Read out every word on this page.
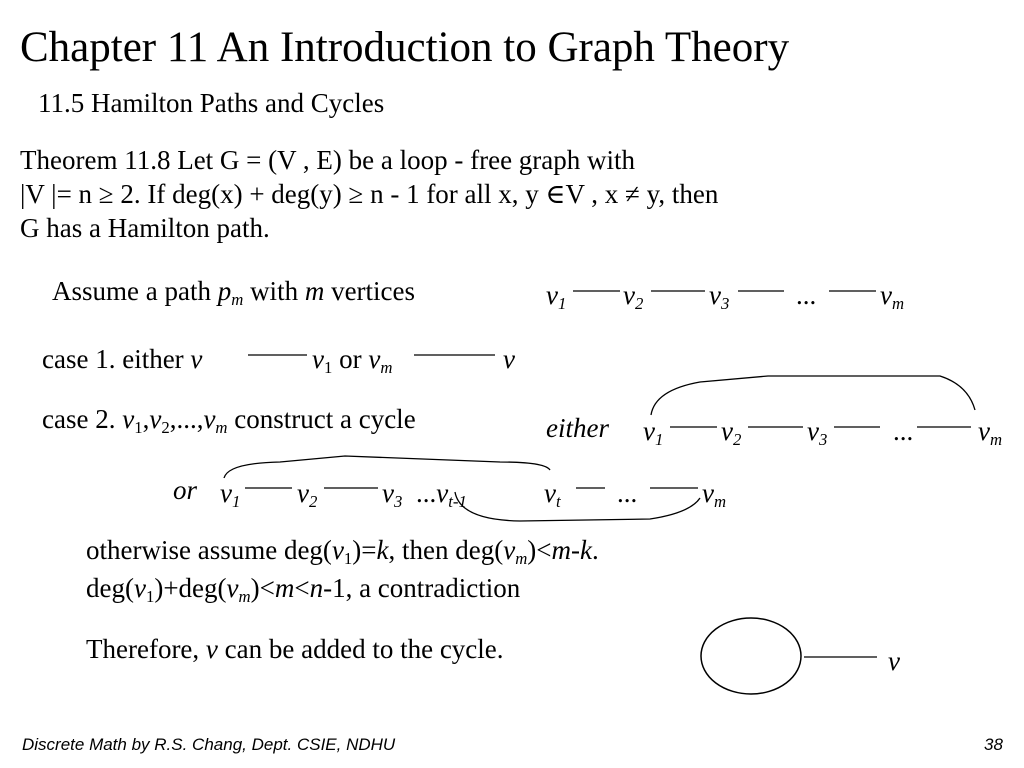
Chapter 11 An Introduction to Graph Theory
11.5 Hamilton Paths and Cycles
Theorem 11.8 Let G = (V , E) be a loop - free graph with
|V |= n ≥ 2. If deg(x) + deg(y) ≥ n - 1 for all x, y ∈V , x ≠ y, then
G has a Hamilton path.
Assume a path $p_m$ with m vertices	$v_1$ $v_2$ $v_3$ ... $v_m$
case 1. either v	$v_1$ or $v_m$	v
case 2. $v_1,v_2,...,v_m$ construct a cycle	either $v_1$ $v_2$ $v_3$ ... $v_m$
or $v_1$ $v_2$ $v_3$ $...v_{t-1}$	$v_t$ ... $v_m$
otherwise assume $deg(v_1)=k$, then $deg(v_m)<m-k$.
$deg(v_1)+deg(v_m)<m<n-1$, a contradiction
Therefore, v can be added to the cycle.	v
Discrete Math by R.S. Chang, Dept. CSIE, NDHU	38
